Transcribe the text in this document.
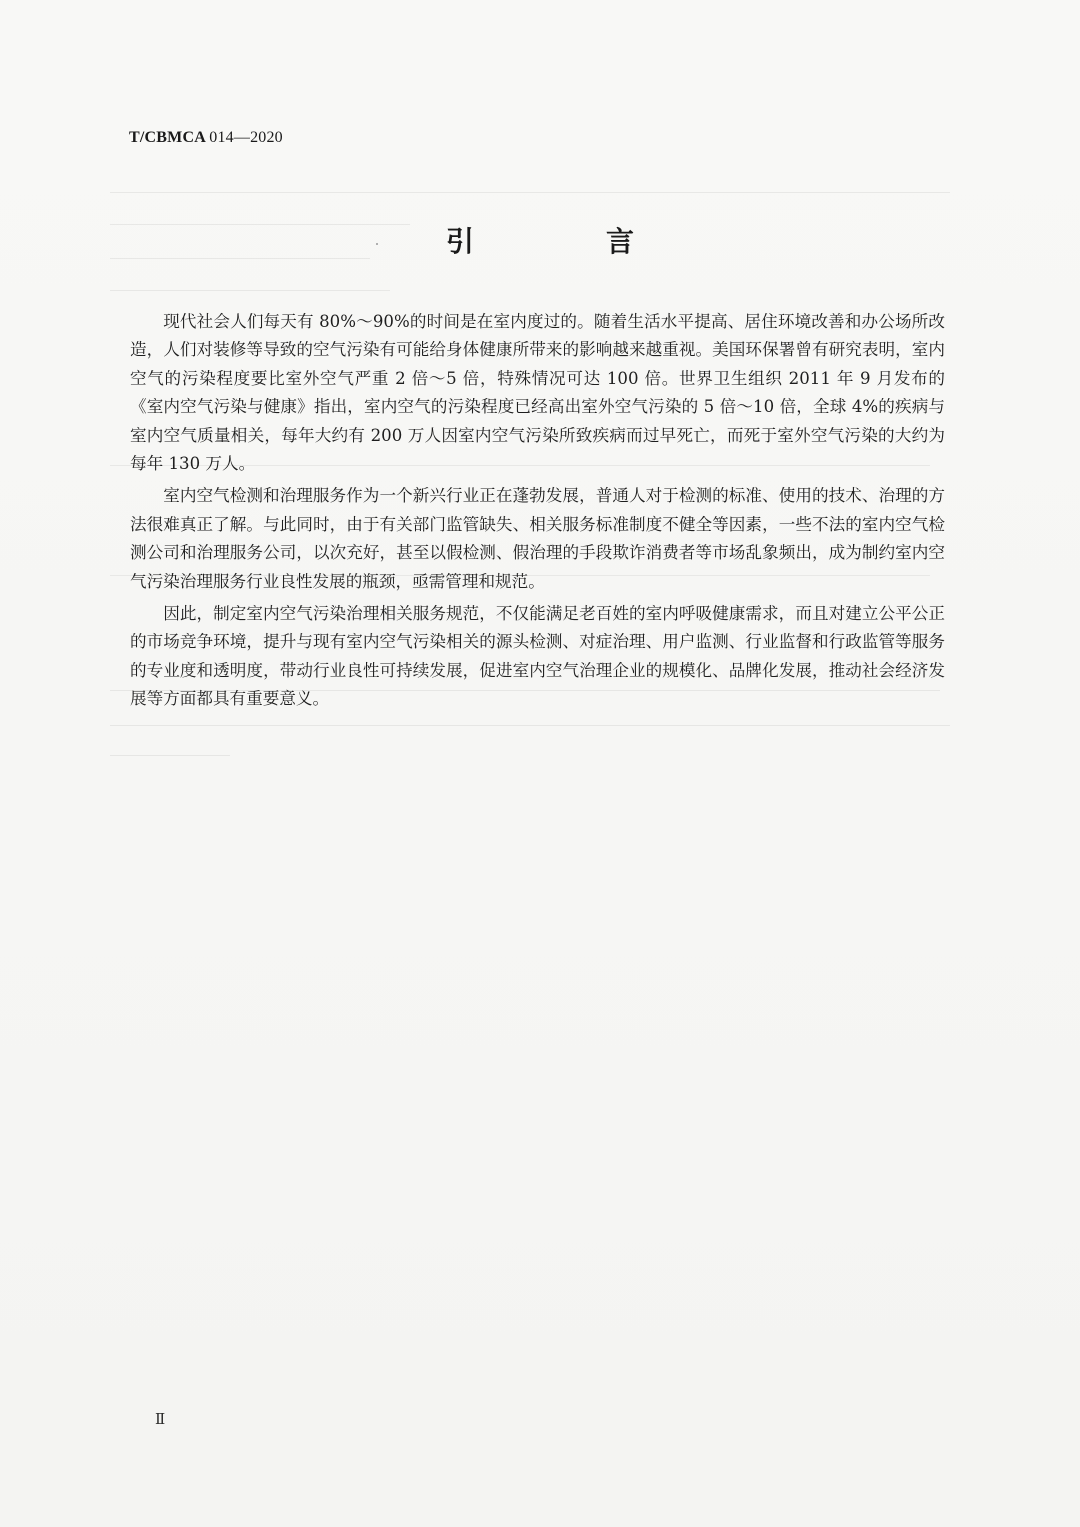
T/CBMCA 014—2020
引　言

现代社会人们每天有 80%～90%的时间是在室内度过的。随着生活水平提高、居住环境改善和办公场所改造，人们对装修等导致的空气污染有可能给身体健康所带来的影响越来越重视。美国环保署曾有研究表明，室内空气的污染程度要比室外空气严重 2 倍～5 倍，特殊情况可达 100 倍。世界卫生组织 2011 年 9 月发布的《室内空气污染与健康》指出，室内空气的污染程度已经高出室外空气污染的 5 倍～10 倍，全球 4%的疾病与室内空气质量相关，每年大约有 200 万人因室内空气污染所致疾病而过早死亡，而死于室外空气污染的大约为每年 130 万人。

室内空气检测和治理服务作为一个新兴行业正在蓬勃发展，普通人对于检测的标准、使用的技术、治理的方法很难真正了解。与此同时，由于有关部门监管缺失、相关服务标准制度不健全等因素，一些不法的室内空气检测公司和治理服务公司，以次充好，甚至以假检测、假治理的手段欺诈消费者等市场乱象频出，成为制约室内空气污染治理服务行业良性发展的瓶颈，亟需管理和规范。

因此，制定室内空气污染治理相关服务规范，不仅能满足老百姓的室内呼吸健康需求，而且对建立公平公正的市场竞争环境，提升与现有室内空气污染相关的源头检测、对症治理、用户监测、行业监督和行政监管等服务的专业度和透明度，带动行业良性可持续发展，促进室内空气治理企业的规模化、品牌化发展，推动社会经济发展等方面都具有重要意义。

Ⅱ
